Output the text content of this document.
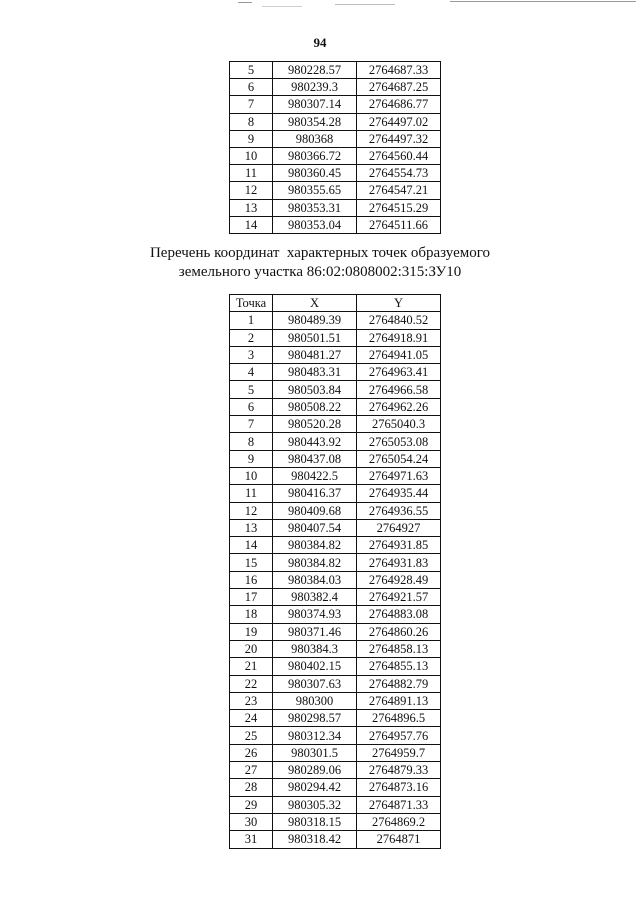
94
5	980228.57	2764687.33
6	980239.3	2764687.25
7	980307.14	2764686.77
8	980354.28	2764497.02
9	980368	2764497.32
10	980366.72	2764560.44
11	980360.45	2764554.73
12	980355.65	2764547.21
13	980353.31	2764515.29
14	980353.04	2764511.66
Перечень координат  характерных точек образуемого
земельного участка 86:02:0808002:315:ЗУ10
Точка	X	Y
1	980489.39	2764840.52
2	980501.51	2764918.91
3	980481.27	2764941.05
4	980483.31	2764963.41
5	980503.84	2764966.58
6	980508.22	2764962.26
7	980520.28	2765040.3
8	980443.92	2765053.08
9	980437.08	2765054.24
10	980422.5	2764971.63
11	980416.37	2764935.44
12	980409.68	2764936.55
13	980407.54	2764927
14	980384.82	2764931.85
15	980384.82	2764931.83
16	980384.03	2764928.49
17	980382.4	2764921.57
18	980374.93	2764883.08
19	980371.46	2764860.26
20	980384.3	2764858.13
21	980402.15	2764855.13
22	980307.63	2764882.79
23	980300	2764891.13
24	980298.57	2764896.5
25	980312.34	2764957.76
26	980301.5	2764959.7
27	980289.06	2764879.33
28	980294.42	2764873.16
29	980305.32	2764871.33
30	980318.15	2764869.2
31	980318.42	2764871
